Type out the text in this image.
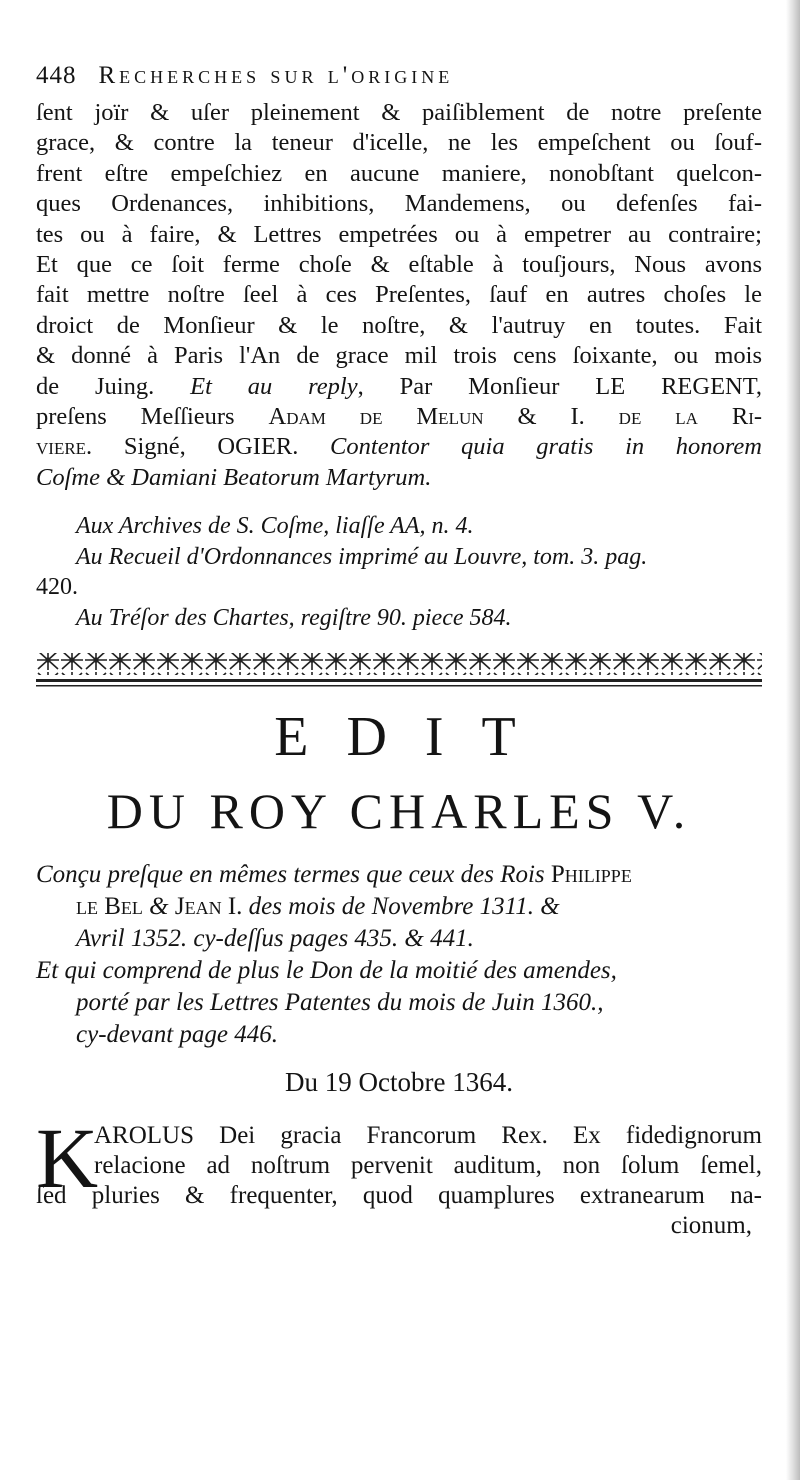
448 Recherches sur l'origine
ſent joïr & uſer pleinement & paiſiblement de notre preſente
grace, & contre la teneur d'icelle, ne les empeſchent ou ſouf-
frent eſtre empeſchiez en aucune maniere, nonobſtant quelcon-
ques Ordenances, inhibitions, Mandemens, ou defenſes fai-
tes ou à faire, & Lettres empetrées ou à empetrer au contraire;
Et que ce ſoit ferme choſe & eſtable à touſjours, Nous avons
fait mettre noſtre ſeel à ces Preſentes, ſauf en autres choſes le
droict de Monſieur & le noſtre, & l'autruy en toutes. Fait
& donné à Paris l'An de grace mil trois cens ſoixante, ou mois
de Juing. Et au reply, Par Monſieur LE REGENT,
preſens Meſſieurs Adam de Melun & I. de la Ri-
viere. Signé, OGIER. Contentor quia gratis in honorem
Coſme & Damiani Beatorum Martyrum.
Aux Archives de S. Coſme, liaſſe AA, n. 4.
Au Recueil d'Ordonnances imprimé au Louvre, tom. 3. pag.
420.
Au Tréſor des Chartes, regiſtre 90. piece 584.
EDIT
DU ROY CHARLES V.
Conçu preſque en mêmes termes que ceux des Rois Philippe
le Bel & Jean I. des mois de Novembre 1311. &
Avril 1352. cy-deſſus pages 435. & 441.
Et qui comprend de plus le Don de la moitié des amendes,
porté par les Lettres Patentes du mois de Juin 1360.,
cy-devant page 446.
Du 19 Octobre 1364.
K
AROLUS Dei gracia Francorum Rex. Ex fidedignorum
relacione ad noſtrum pervenit auditum, non ſolum ſemel,
ſed pluries & frequenter, quod quamplures extranearum na-
cionum,
